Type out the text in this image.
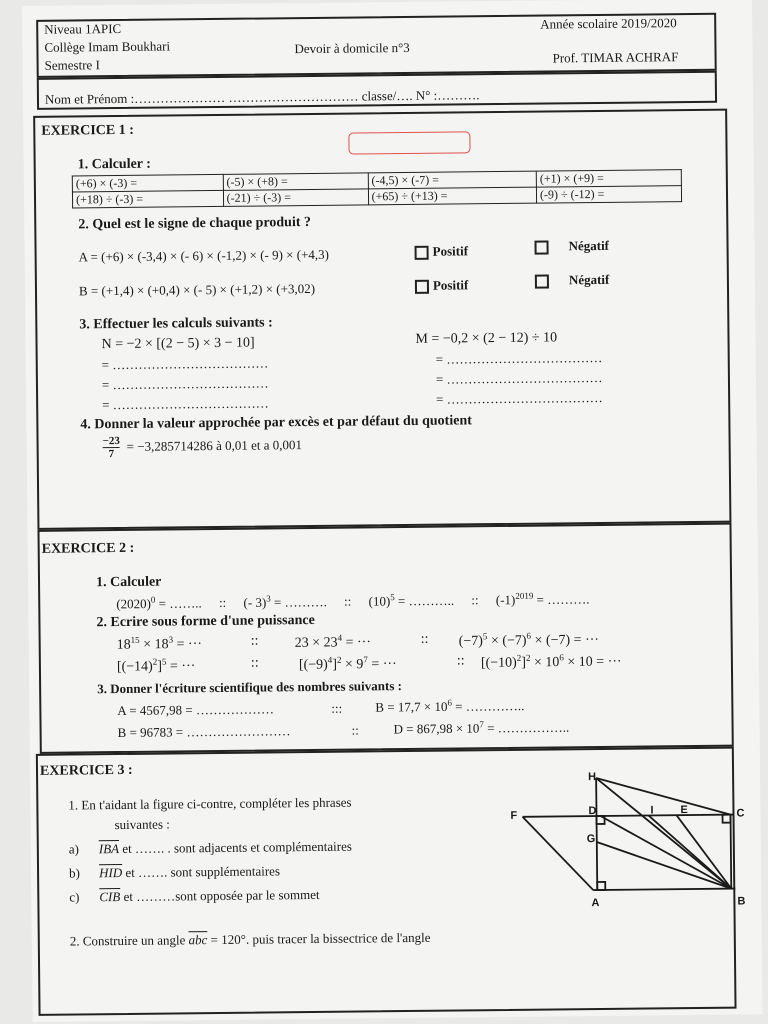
Niveau 1APIC
Collège Imam Boukhari
Semestre I
Devoir à domicile n°3
Année scolaire 2019/2020
Prof. TIMAR ACHRAF
Nom et Prénom :………………… ………………………… classe/…. N° :……….
EXERCICE 1 :
1. Calculer :
(+6) × (-3) =	(-5) × (+8) =	(-4,5) × (-7) =	(+1) × (+9) =
(+18) ÷ (-3) =	(-21) ÷ (-3) =	(+65) ÷ (+13) =	(-9) ÷ (-12) =
2. Quel est le signe de chaque produit ?
A = (+6) × (-3,4) × (- 6) × (-1,2) × (- 9) × (+4,3)	Positif	Négatif
B = (+1,4) × (+0,4) × (- 5) × (+1,2) × (+3,02)	Positif	Négatif
3. Effectuer les calculs suivants :
N = −2 × [(2 − 5) × 3 − 10]	M = −0,2 × (2 − 12) ÷ 10
= ………………………………
= ………………………………
= ………………………………
= ………………………………
= ………………………………
= ………………………………
4. Donner la valeur approchée par excès et par défaut du quotient
$\frac{-23}{7} = -3,285714286$ à 0,01 et a 0,001
EXERCICE 2 :
1. Calculer
$(2020)^0$ = …….. :: (- 3)$^3$ = ………. :: $(10)^5$ = ……….. :: $(-1)^{2019}$ = ……….
2. Ecrire sous forme d'une puissance
$18^{15} \times 18^3$ = ···	::	$23 \times 23^4$ = ···	:: $(-7)^5 \times (-7)^6 \times (-7)$ = ···
$[(-14)^2]^5$ = ···	::	$[(-9)^4]^2 \times 9^7$ = ···	:: $[(-10)^2]^2 \times 10^6 \times 10$ = ···
3. Donner l'écriture scientifique des nombres suivants :
A = 4567,98 = ………………	:::	$B = 17,7 \times 10^6$ = …………..
B = 96783 = ……………………	::	$D = 867,98 \times 10^7$ = ……………..
EXERCICE 3 :
1. En t'aidant la figure ci-contre, compléter les phrases
suivantes :
a) $\overline{IBA}$ et ……. . sont adjacents et complémentaires
b) $\overline{HID}$ et ……. sont supplémentaires
c) $\overline{CIB}$ et ………sont opposée par le sommet
2. Construire un angle $\overline{abc} = 120^\circ$. puis tracer la bissectrice de l'angle
H
F	D	I E	C
G
A	B
